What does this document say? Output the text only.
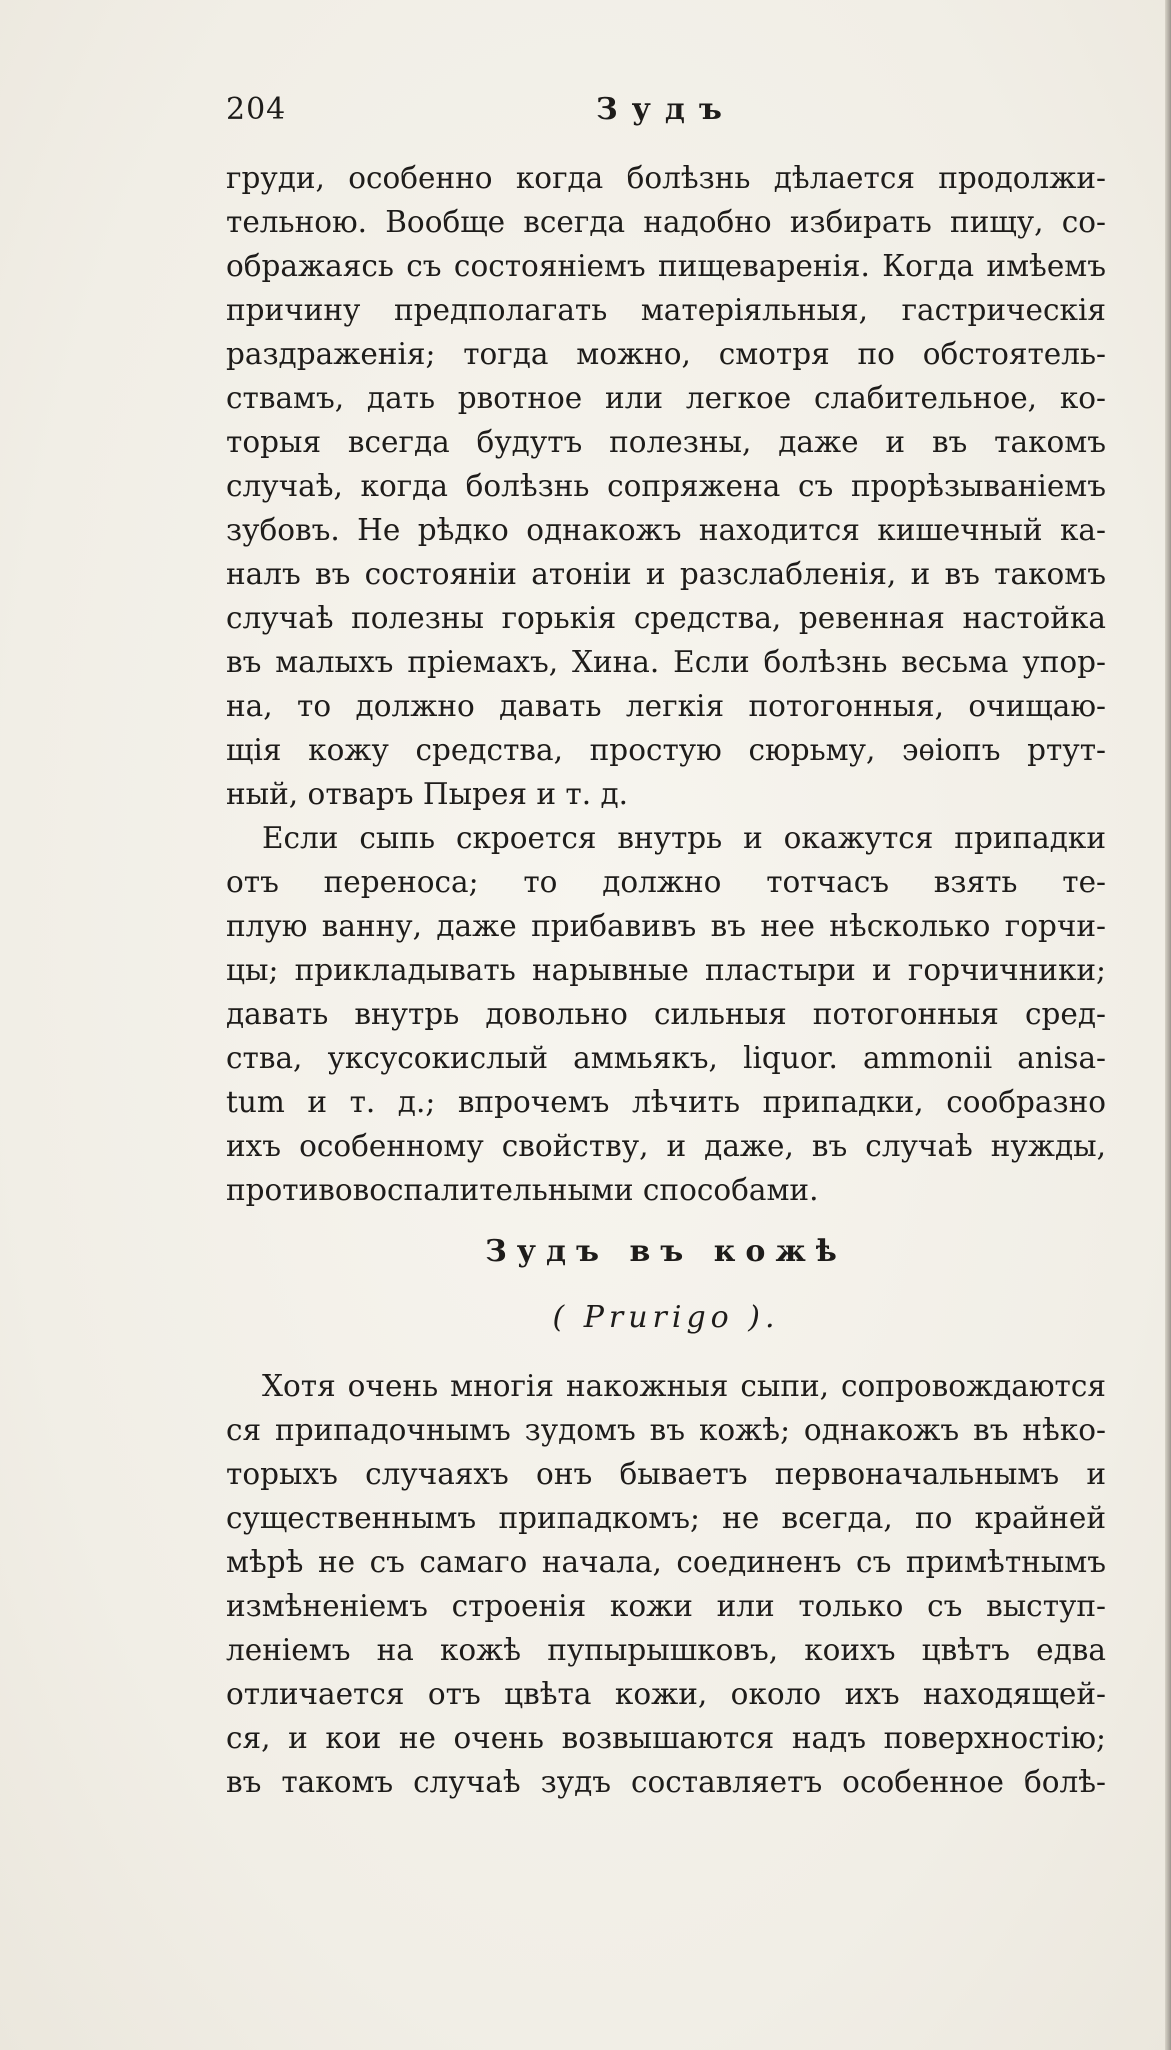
204	Зудъ
груди, особенно когда болѣзнь дѣлается продолжи-
тельною. Вообще всегда надобно избирать пищу, со-
ображаясь съ состояніемъ пищеваренія. Когда имѣемъ
причину предполагать матеріяльныя, гастрическія
раздраженія; тогда можно, смотря по обстоятель-
ствамъ, дать рвотное или легкое слабительное, ко-
торыя всегда будутъ полезны, даже и въ такомъ
случаѣ, когда болѣзнь сопряжена съ прорѣзываніемъ
зубовъ. Не рѣдко однакожъ находится кишечный ка-
налъ въ состояніи атоніи и разслабленія, и въ такомъ
случаѣ полезны горькія средства, ревенная настойка
въ малыхъ пріемахъ, Хина. Если болѣзнь весьма упор-
на, то должно давать легкія потогонныя, очищаю-
щія кожу средства, простую сюрьму, эѳіопъ ртут-
ный, отваръ Пырея и т. д.
Если сыпь скроется внутрь и окажутся припадки
отъ переноса; то должно тотчасъ взять те-
плую ванну, даже прибавивъ въ нее нѣсколько горчи-
цы; прикладывать нарывные пластыри и горчичники;
давать внутрь довольно сильныя потогонныя сред-
ства, уксусокислый аммьякъ, liquor. ammonii anisa-
tum и т. д.; впрочемъ лѣчить припадки, сообразно
ихъ особенному свойству, и даже, въ случаѣ нужды,
противовоспалительными способами.
Зудъ въ кожѣ
( Prurigo ).
Хотя очень многія накожныя сыпи, сопровождаются
ся припадочнымъ зудомъ въ кожѣ; однакожъ въ нѣко-
торыхъ случаяхъ онъ бываетъ первоначальнымъ и
существеннымъ припадкомъ; не всегда, по крайней
мѣрѣ не съ самаго начала, соединенъ съ примѣтнымъ
измѣненіемъ строенія кожи или только съ выступ-
леніемъ на кожѣ пупырышковъ, коихъ цвѣтъ едва
отличается отъ цвѣта кожи, около ихъ находящей-
ся, и кои не очень возвышаются надъ поверхностію;
въ такомъ случаѣ зудъ составляетъ особенное болѣ-
